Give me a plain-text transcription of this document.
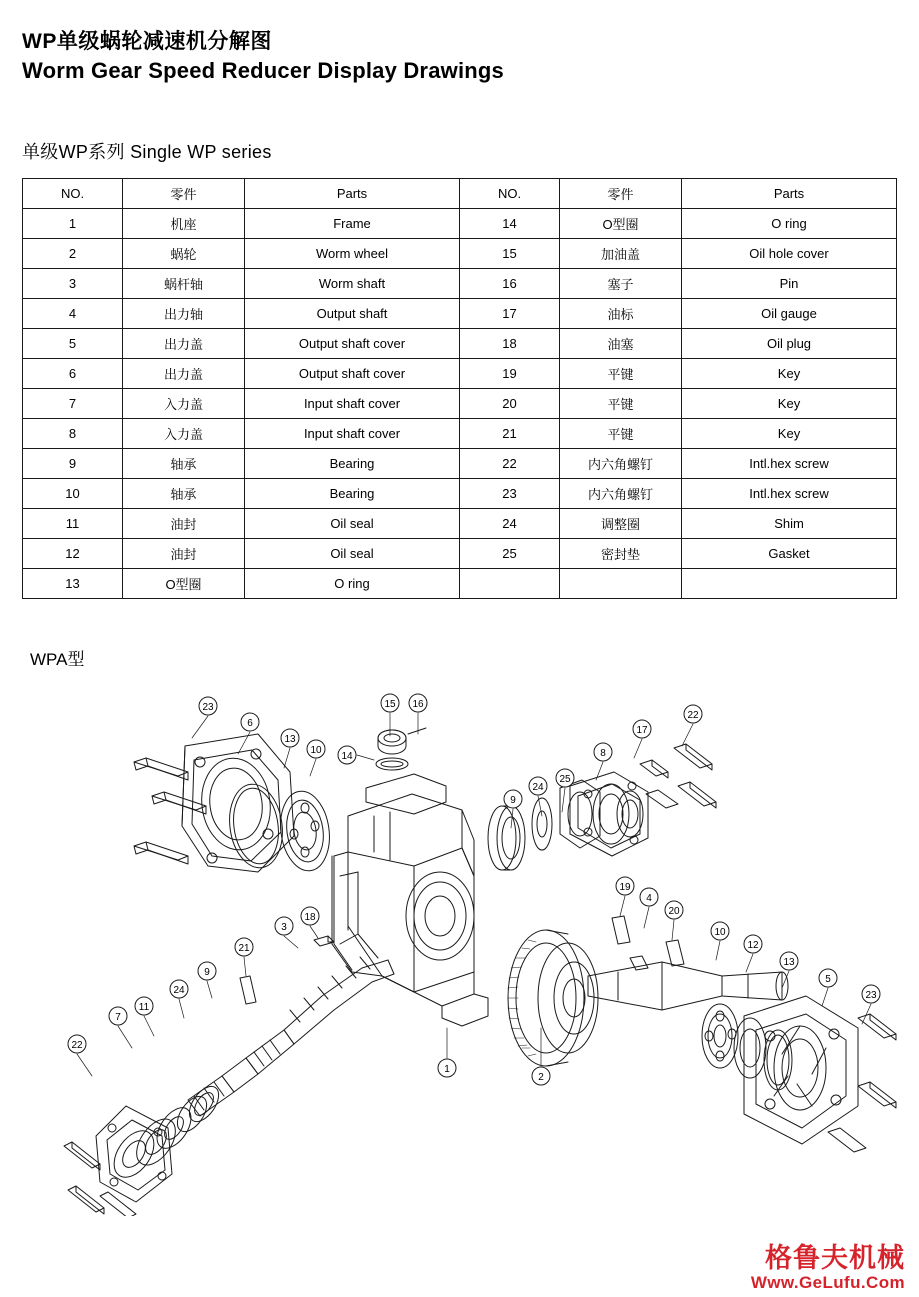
WP单级蜗轮减速机分解图
Worm Gear Speed Reducer Display Drawings
单级WP系列 Single WP series
NO.	零件	Parts	NO.	零件	Parts
1	机座	Frame	14	O型圈	O ring
2	蜗轮	Worm wheel	15	加油盖	Oil hole cover
3	蜗杆轴	Worm shaft	16	塞子	Pin
4	出力轴	Output shaft	17	油标	Oil gauge
5	出力盖	Output shaft cover	18	油塞	Oil plug
6	出力盖	Output shaft cover	19	平键	Key
7	入力盖	Input shaft cover	20	平键	Key
8	入力盖	Input shaft cover	21	平键	Key
9	轴承	Bearing	22	内六角螺钉	Intl.hex screw
10	轴承	Bearing	23	内六角螺钉	Intl.hex screw
11	油封	Oil seal	24	调整圈	Shim
12	油封	Oil seal	25	密封垫	Gasket
13	O型圈	O ring			
WPA型
23
6
13
10
15 16
14
22
17
8
24
25
9
18
3
21
9
24
11
7
22
19
4
20
10
12
13
5
23
1
2
格鲁夫机械
Www.GeLufu.Com
